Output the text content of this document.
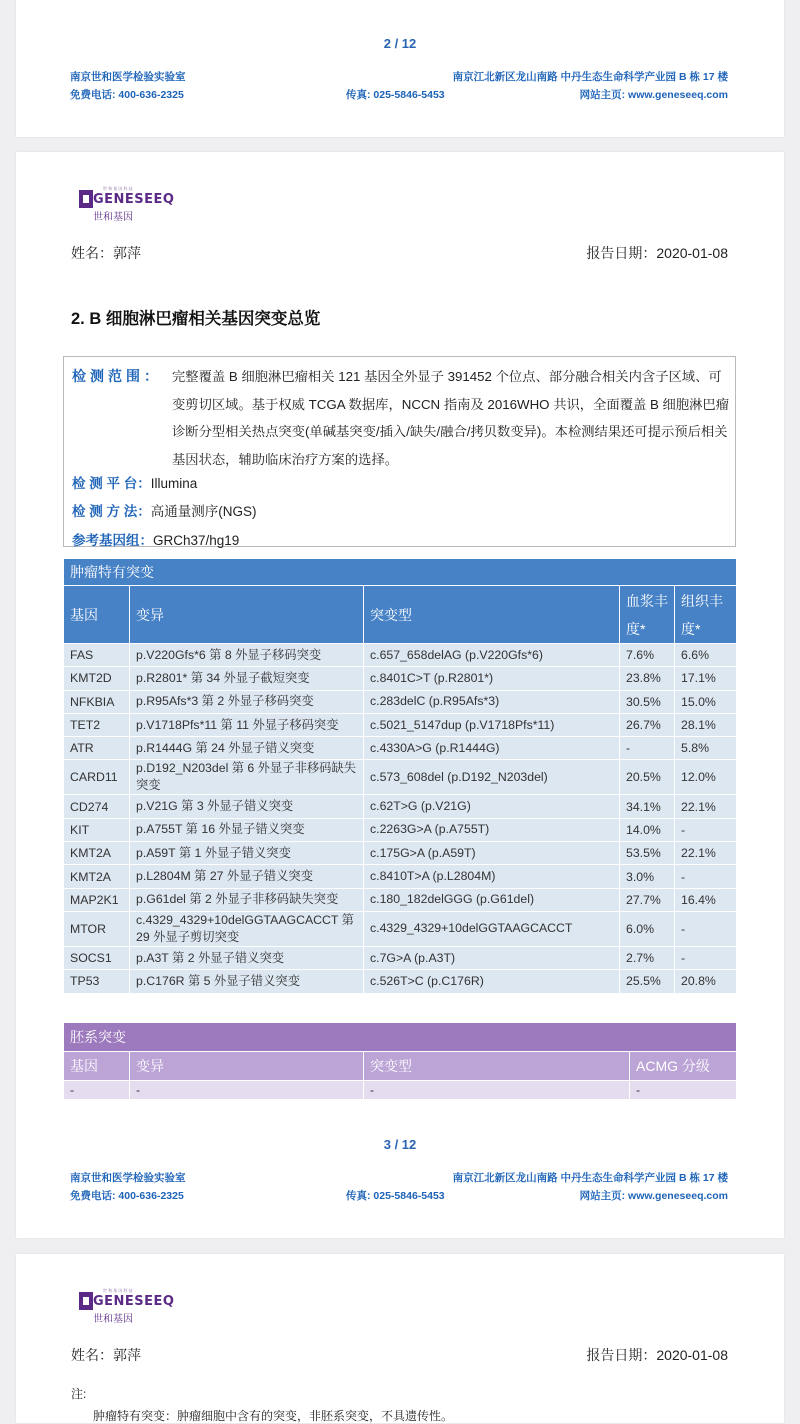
2 / 12
南京世和医学检验实验室	南京江北新区龙山南路 中丹生态生命科学产业园 B 栋 17 楼
免费电话: 400-636-2325	传真: 025-5846-5453	网站主页: www.geneseeq.com
世 和 基 因 科 技
GENESEEQ
世和基因
姓名：郭萍	报告日期：2020-01-08
2. B 细胞淋巴瘤相关基因突变总览
检测范围： 完整覆盖 B 细胞淋巴瘤相关 121 基因全外显子 391452 个位点、部分融合相关内含子区域、可变剪切区域。基于权威 TCGA 数据库，NCCN 指南及 2016WHO 共识，全面覆盖 B 细胞淋巴瘤诊断分型相关热点突变(单碱基突变/插入/缺失/融合/拷贝数变异)。本检测结果还可提示预后相关基因状态，辅助临床治疗方案的选择。
检 测 平 台：Illumina
检 测 方 法：高通量测序(NGS)
参考基因组：GRCh37/hg19
肿瘤特有突变				
基因	变异	突变型	血浆丰度*	组织丰度*
FAS	p.V220Gfs*6 第 8 外显子移码突变	c.657_658delAG (p.V220Gfs*6)	7.6%	6.6%
KMT2D	p.R2801* 第 34 外显子截短突变	c.8401C>T (p.R2801*)	23.8%	17.1%
NFKBIA	p.R95Afs*3 第 2 外显子移码突变	c.283delC (p.R95Afs*3)	30.5%	15.0%
TET2	p.V1718Pfs*11 第 11 外显子移码突变	c.5021_5147dup (p.V1718Pfs*11)	26.7%	28.1%
ATR	p.R1444G 第 24 外显子错义突变	c.4330A>G (p.R1444G)	-	5.8%
CARD11	p.D192_N203del 第 6 外显子非移码缺失突变	c.573_608del (p.D192_N203del)	20.5%	12.0%
CD274	p.V21G 第 3 外显子错义突变	c.62T>G (p.V21G)	34.1%	22.1%
KIT	p.A755T 第 16 外显子错义突变	c.2263G>A (p.A755T)	14.0%	-
KMT2A	p.A59T 第 1 外显子错义突变	c.175G>A (p.A59T)	53.5%	22.1%
KMT2A	p.L2804M 第 27 外显子错义突变	c.8410T>A (p.L2804M)	3.0%	-
MAP2K1	p.G61del 第 2 外显子非移码缺失突变	c.180_182delGGG (p.G61del)	27.7%	16.4%
MTOR	c.4329_4329+10delGGTAAGCACCT 第 29 外显子剪切突变	c.4329_4329+10delGGTAAGCACCT	6.0%	-
SOCS1	p.A3T 第 2 外显子错义突变	c.7G>A (p.A3T)	2.7%	-
TP53	p.C176R 第 5 外显子错义突变	c.526T>C (p.C176R)	25.5%	20.8%
胚系突变			
基因	变异	突变型	ACMG 分级
-	-	-	-
3 / 12
南京世和医学检验实验室	南京江北新区龙山南路 中丹生态生命科学产业园 B 栋 17 楼
免费电话: 400-636-2325	传真: 025-5846-5453	网站主页: www.geneseeq.com
世 和 基 因 科 技
GENESEEQ
世和基因
姓名：郭萍	报告日期：2020-01-08
注:
肿瘤特有突变：肿瘤细胞中含有的突变，非胚系突变，不具遗传性。
